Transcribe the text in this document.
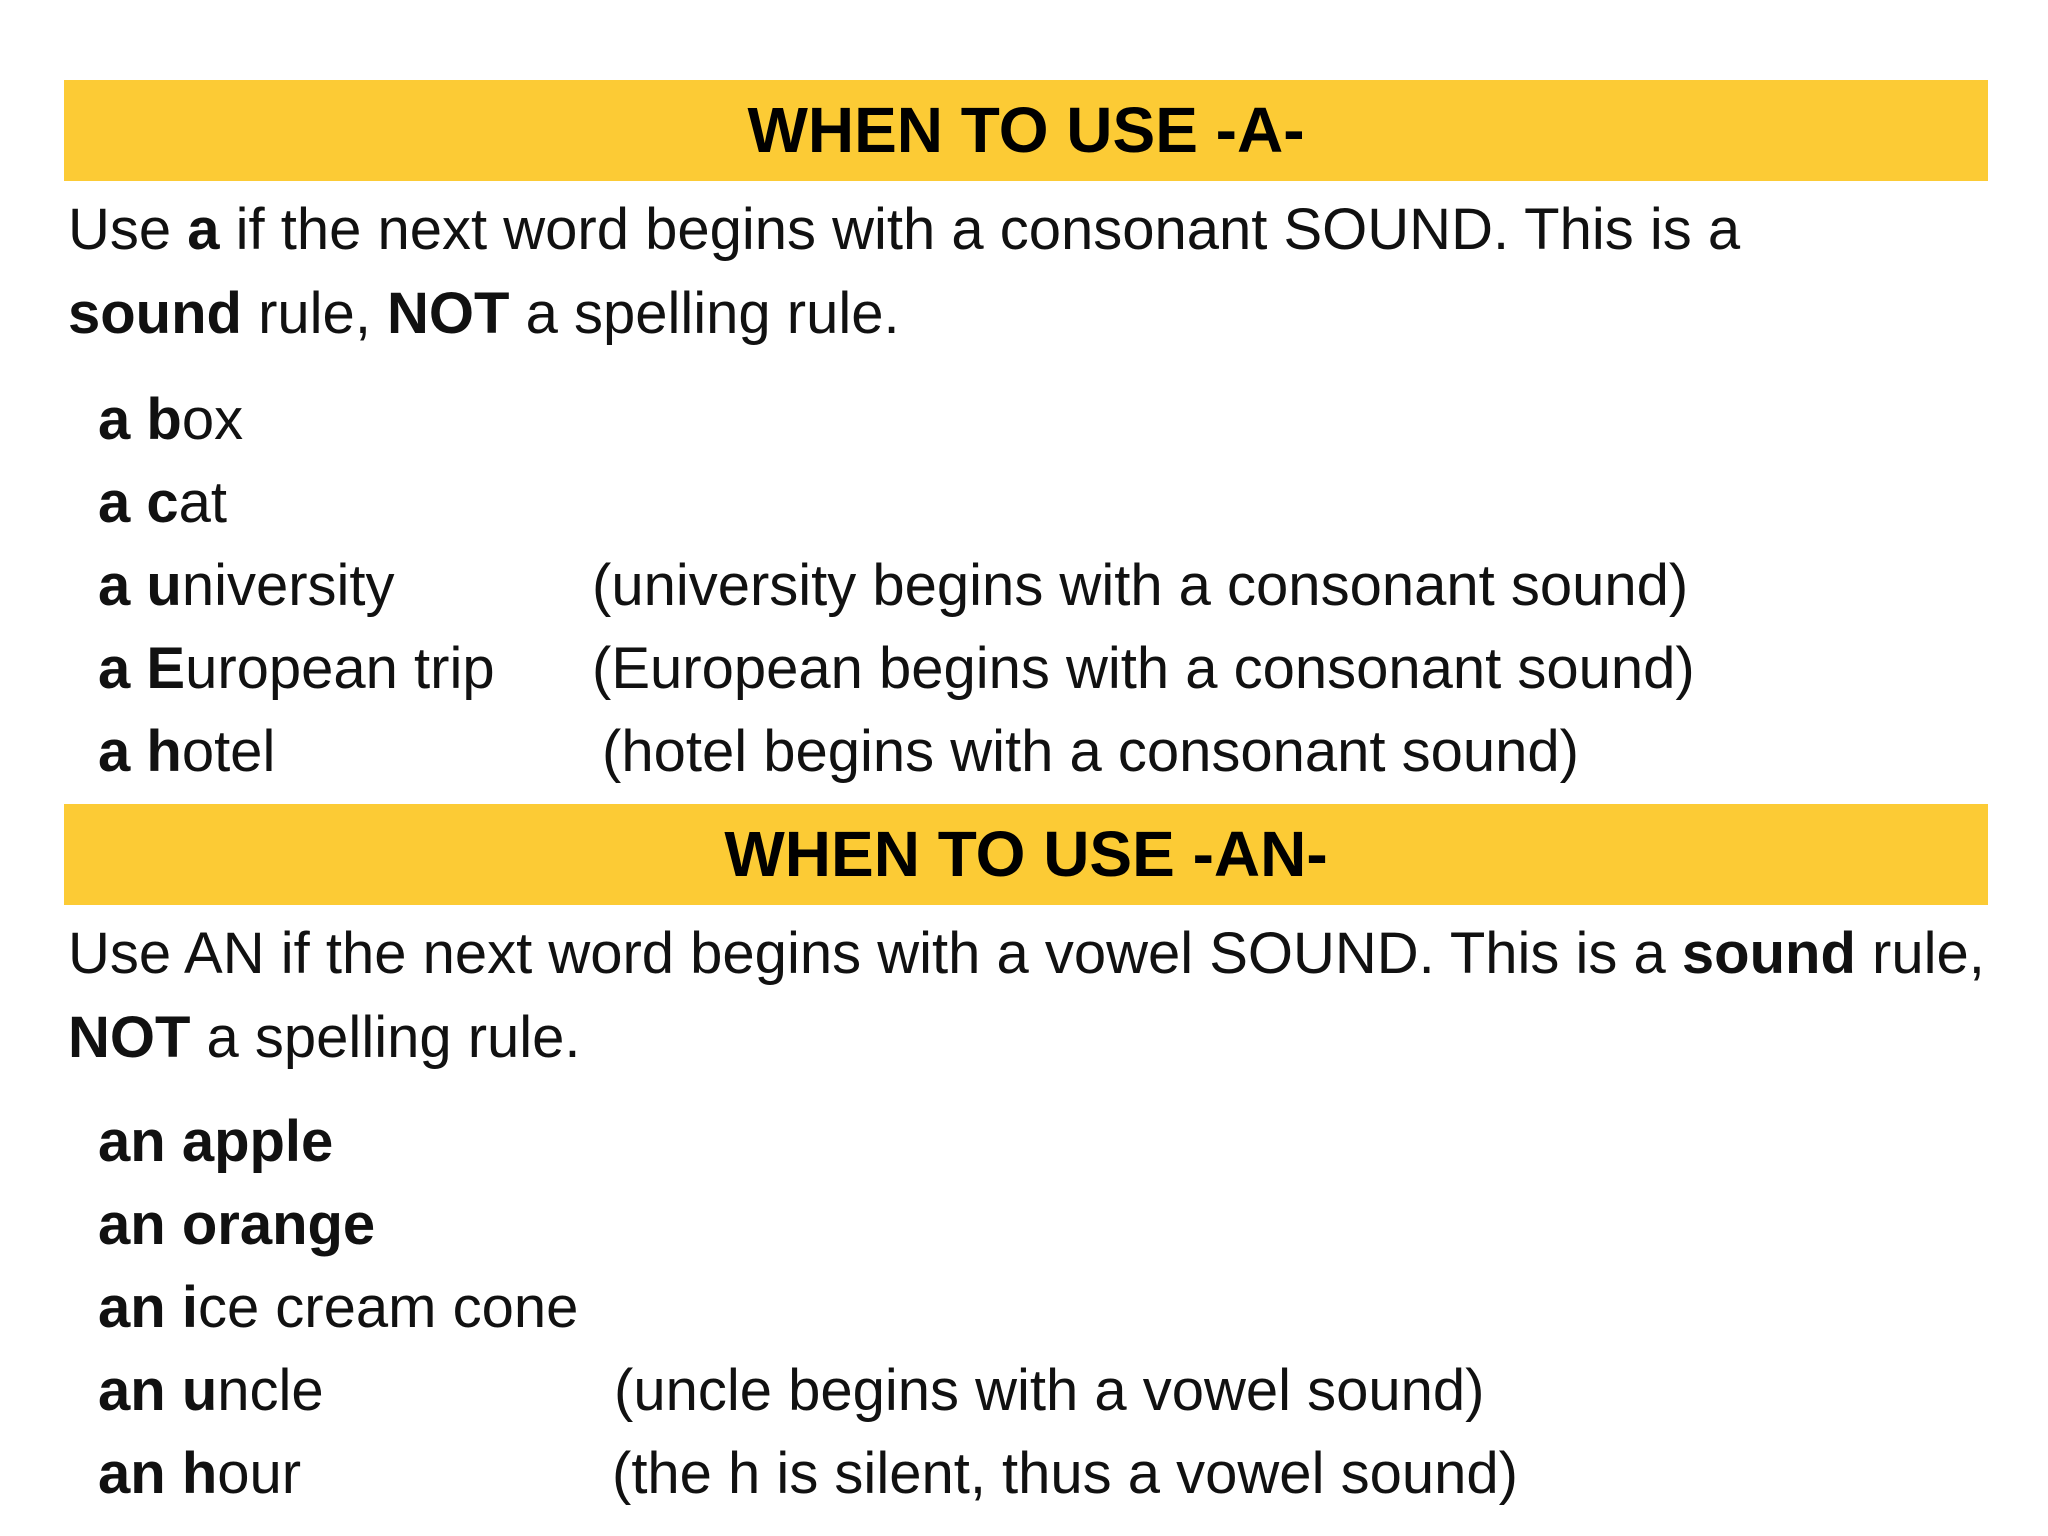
WHEN TO USE -A-
Use a if the next word begins with a consonant SOUND. This is a
sound rule, NOT a spelling rule.
a box
a cat
a university	(university begins with a consonant sound)
a European trip (European begins with a consonant sound)
a hotel	(hotel begins with a consonant sound)
WHEN TO USE -AN-
Use AN if the next word begins with a vowel SOUND. This is a sound rule, NOT a spelling rule.
an apple
an orange
an ice cream cone
an uncle	(uncle begins with a vowel sound)
an hour	(the h is silent, thus a vowel sound)
